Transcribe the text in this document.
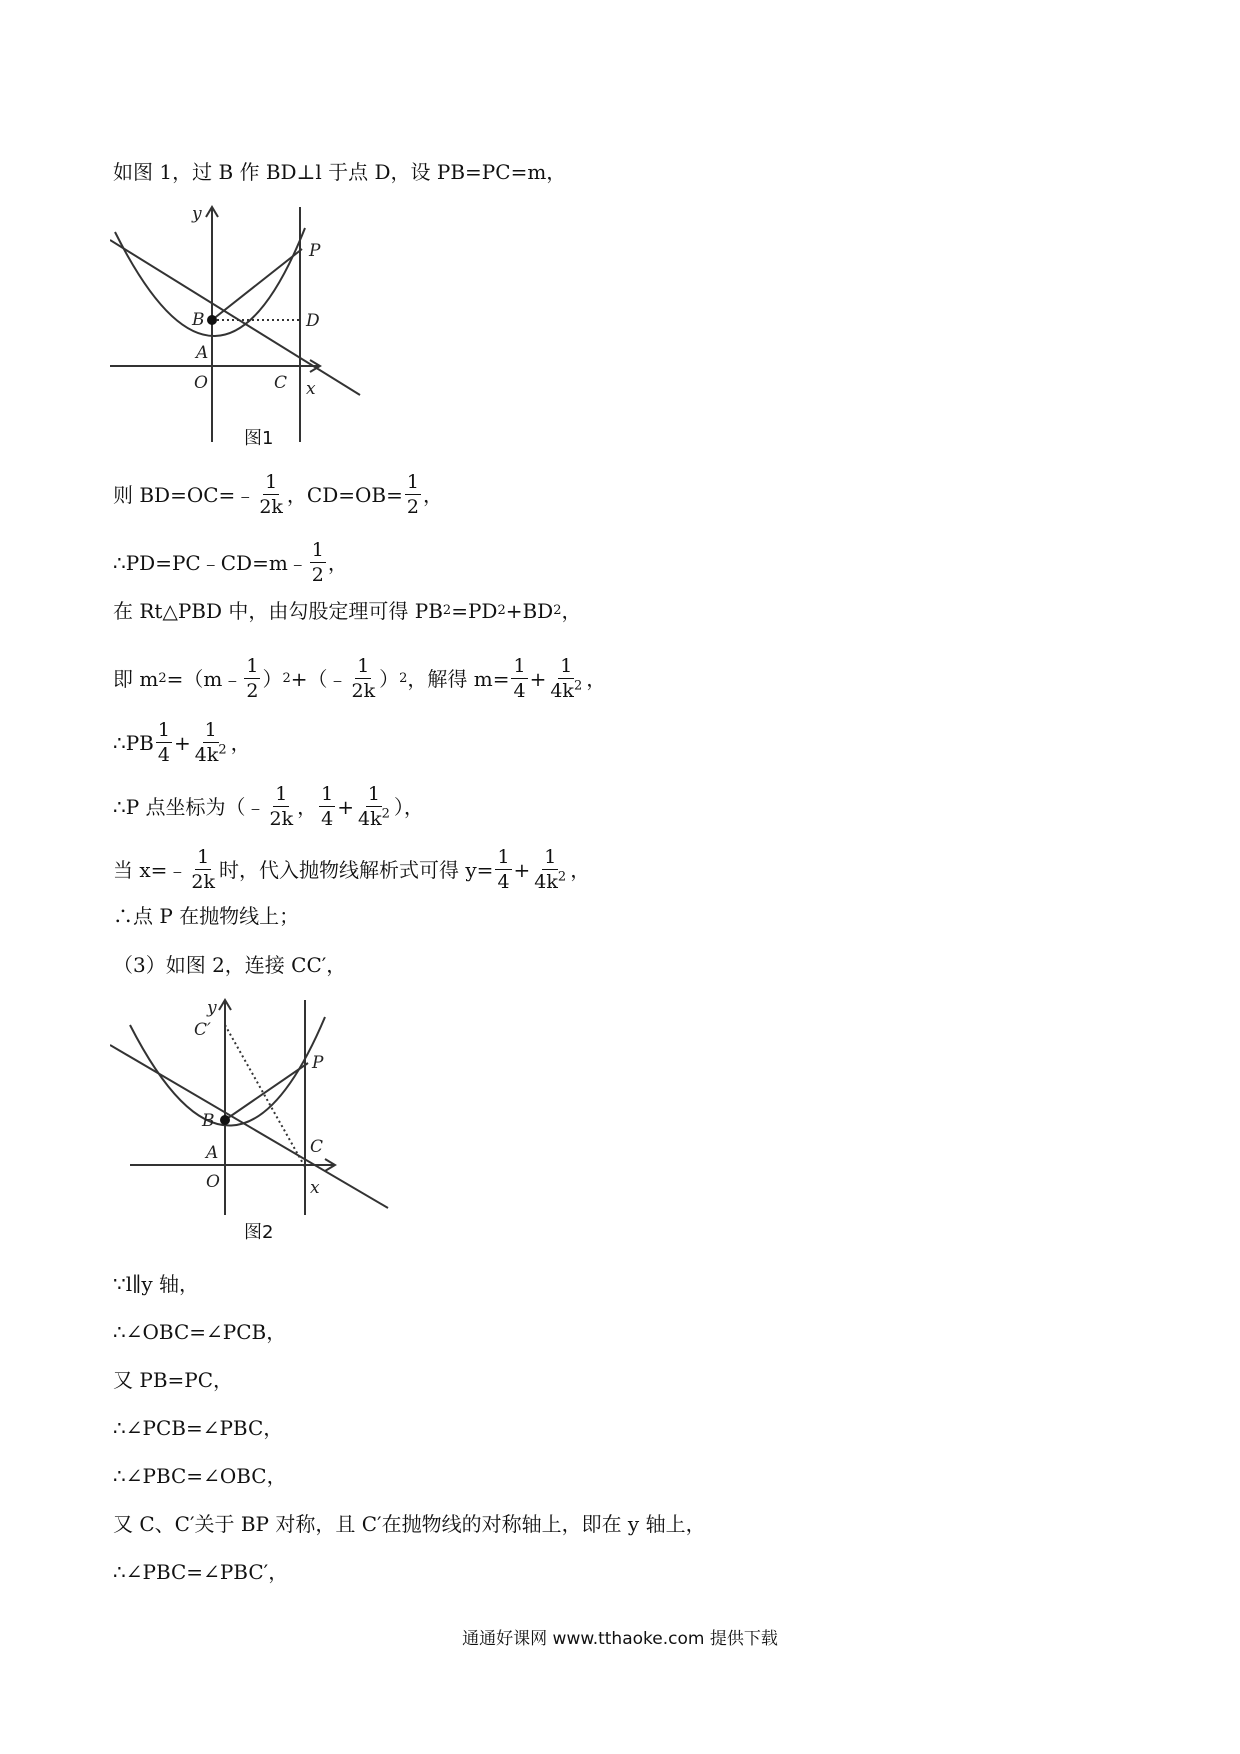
如图 1，过 B 作 BD⊥l 于点 D，设 PB=PC=m，
y
x
P
B	D
A
O	C
图1
则 BD=OC=﹣ $\frac{1}{2k}$ ，$CD=OB= \frac{1}{2}$ ，
∴PD=PC﹣CD=m﹣ $\frac{1}{2}$ ，
在 Rt△PBD 中，由勾股定理可得 PB 2 =PD 2 +BD 2 ，
即 m 2 =（m﹣ $\frac{1}{2}$ ） 2 +（﹣ $\frac{1}{2k}$ ） 2 ，解得 $m= \frac{1}{4} + \frac{1}{4k^2}$ ，
∴PB $\frac{1}{4} + \frac{1}{4k^2}$ ，
∴P 点坐标为（﹣ $\frac{1}{2k}$ ， $\frac{1}{4} + \frac{1}{4k^2}$ ），
当 x=﹣ $\frac{1}{2k}$ 时，代入抛物线解析式可得 $y= \frac{1}{4} + \frac{1}{4k^2}$ ，
∴点 P 在抛物线上；
（3）如图 2，连接 CC′，
y
x
C′
P
B
A
O
C
图2
∵l∥y 轴，
∴∠OBC=∠PCB，
又 PB=PC，
∴∠PCB=∠PBC，
∴∠PBC=∠OBC，
又 C、C′关于 BP 对称，且 C′在抛物线的对称轴上，即在 y 轴上，
∴∠PBC=∠PBC′，
通通好课网 www.tthaoke.com 提供下载
